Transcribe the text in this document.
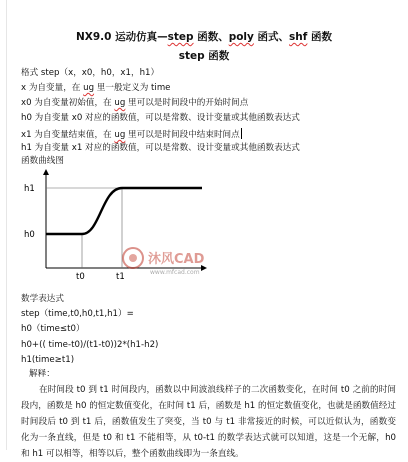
NX9.0 运动仿真—step 函数、poly 函式、shf 函数
step 函数
格式 step（x，x0，h0，x1，h1）
x 为自变量，在 ug 里一般定义为 time
x0 为自变量初始值，在 ug 里可以是时间段中的开始时间点
h0 为自变量 x0 对应的函数值，可以是常数、设计变量或其他函数表达式
x1 为自变量结束值，在 ug 里可以是时间段中结束时间点
h1 为自变量 x1 对应的函数值，可以是常数、设计变量或其他函数表达式
函数曲线图
h1
h0
t0	t1
沐风CAD
www.mfcad.com
数学表达式
step（time,t0,h0,t1,h1）=
h0（time≤t0）
h0+(( time-t0)/(t1-t0))2*(h1-h2)
h1(time≥t1)
解释：
在时间段 t0 到 t1 时间段内，函数以中间波浪线样子的二次函数变化，在时间 t0 之前的时间段内，函数是 h0 的恒定数值变化，在时间 t1 后，函数是 h1 的恒定数值变化，也就是函数值经过时间段后 t0 到 t1 后，函数值发生了突变，当 t0 与 t1 非常接近的时候，可以近似认为，函数变化为一条直线，但是 t0 和 t1 不能相等，从 t0-t1 的数学表达式就可以知道，这是一个无解，h0 和 h1 可以相等，相等以后，整个函数曲线即为一条直线。
